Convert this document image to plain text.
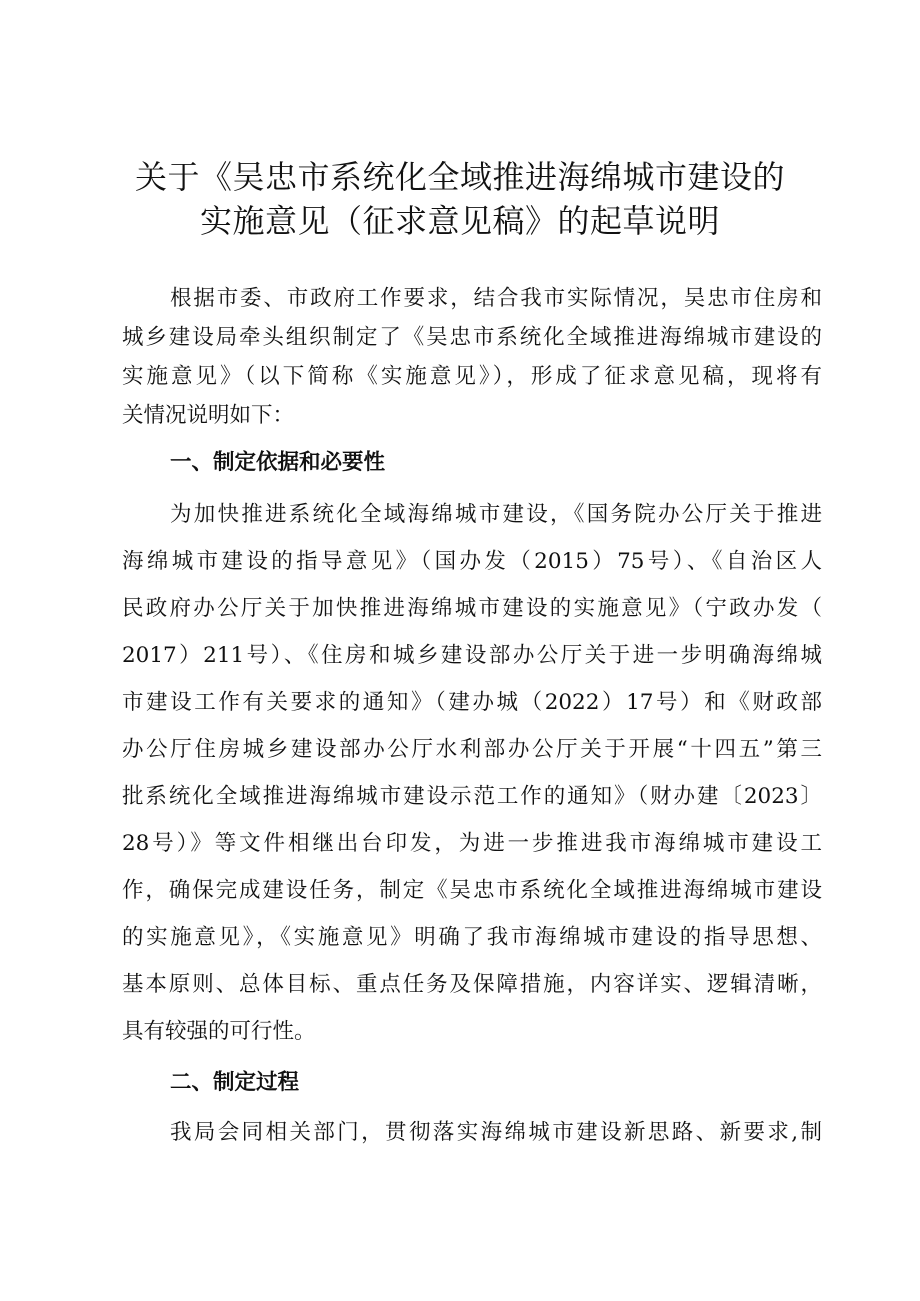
关于《吴忠市系统化全域推进海绵城市建设的
实施意见（征求意见稿》的起草说明
根据市委、市政府工作要求，结合我市实际情况，吴忠市住房和
城乡建设局牵头组织制定了《吴忠市系统化全域推进海绵城市建设的
实施意见》（以下简称《实施意见》），形成了征求意见稿，现将有
关情况说明如下：
一、制定依据和必要性
为加快推进系统化全域海绵城市建设，《国务院办公厅关于推进
海绵城市建设的指导意见》（国办发（2015）75号）、《自治区人
民政府办公厅关于加快推进海绵城市建设的实施意见》（宁政办发（
2017）211号）、《住房和城乡建设部办公厅关于进一步明确海绵城
市建设工作有关要求的通知》（建办城（2022）17号）和《财政部
办公厅住房城乡建设部办公厅水利部办公厅关于开展“十四五”第三
批系统化全域推进海绵城市建设示范工作的通知》（财办建〔2023〕
28号）》等文件相继出台印发，为进一步推进我市海绵城市建设工
作，确保完成建设任务，制定《吴忠市系统化全域推进海绵城市建设
的实施意见》，《实施意见》明确了我市海绵城市建设的指导思想、
基本原则、总体目标、重点任务及保障措施，内容详实、逻辑清晰，
具有较强的可行性。
二、制定过程
我局会同相关部门，贯彻落实海绵城市建设新思路、新要求,制
